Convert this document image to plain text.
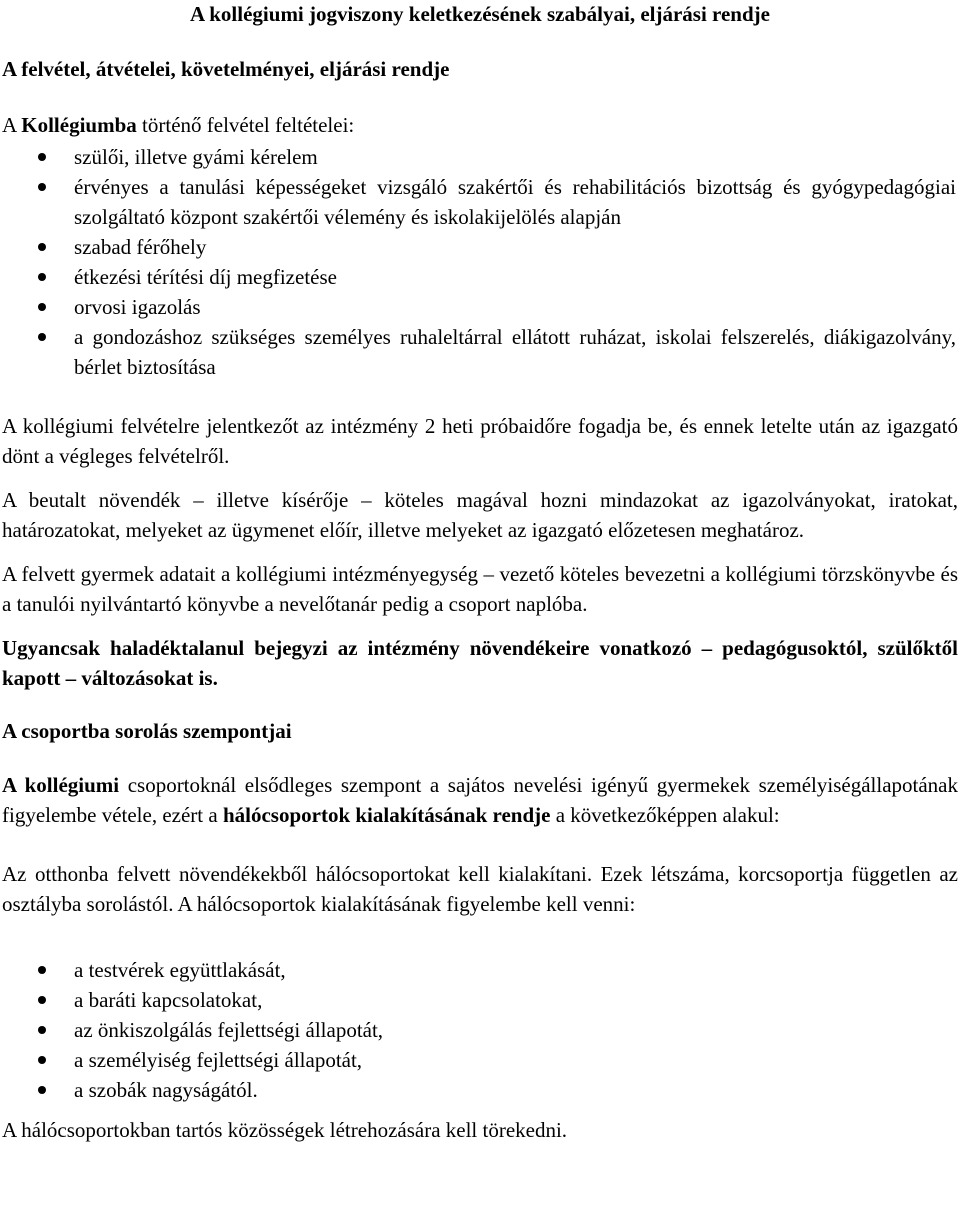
A kollégiumi jogviszony keletkezésének szabályai, eljárási rendje
A felvétel, átvételei, követelményei, eljárási rendje
A Kollégiumba történő felvétel feltételei:
szülői, illetve gyámi kérelem
érvényes a tanulási képességeket vizsgáló szakértői és rehabilitációs bizottság és gyógypedagógiai szolgáltató központ szakértői vélemény és iskolakijelölés alapján
szabad férőhely
étkezési térítési díj megfizetése
orvosi igazolás
a gondozáshoz szükséges személyes ruhaleltárral ellátott ruházat, iskolai felszerelés, diákigazolvány, bérlet biztosítása

A kollégiumi felvételre jelentkezőt az intézmény 2 heti próbaidőre fogadja be, és ennek letelte után az igazgató dönt a végleges felvételről.

A beutalt növendék – illetve kísérője – köteles magával hozni mindazokat az igazolványokat, iratokat, határozatokat, melyeket az ügymenet előír, illetve melyeket az igazgató előzetesen meghatároz.

A felvett gyermek adatait a kollégiumi intézményegység – vezető köteles bevezetni a kollégiumi törzskönyvbe és a tanulói nyilvántartó könyvbe a nevelőtanár pedig a csoport naplóba.

Ugyancsak haladéktalanul bejegyzi az intézmény növendékeire vonatkozó – pedagógusoktól, szülőktől kapott – változásokat is.

A csoportba sorolás szempontjai

A kollégiumi csoportoknál elsődleges szempont a sajátos nevelési igényű gyermekek személyiségállapotának figyelembe vétele, ezért a hálócsoportok kialakításának rendje a következőképpen alakul:

Az otthonba felvett növendékekből hálócsoportokat kell kialakítani. Ezek létszáma, korcsoportja független az osztályba sorolástól. A hálócsoportok kialakításának figyelembe kell venni:

a testvérek együttlakását,
a baráti kapcsolatokat,
az önkiszolgálás fejlettségi állapotát,
a személyiség fejlettségi állapotát,
a szobák nagyságától.

A hálócsoportokban tartós közösségek létrehozására kell törekedni.
